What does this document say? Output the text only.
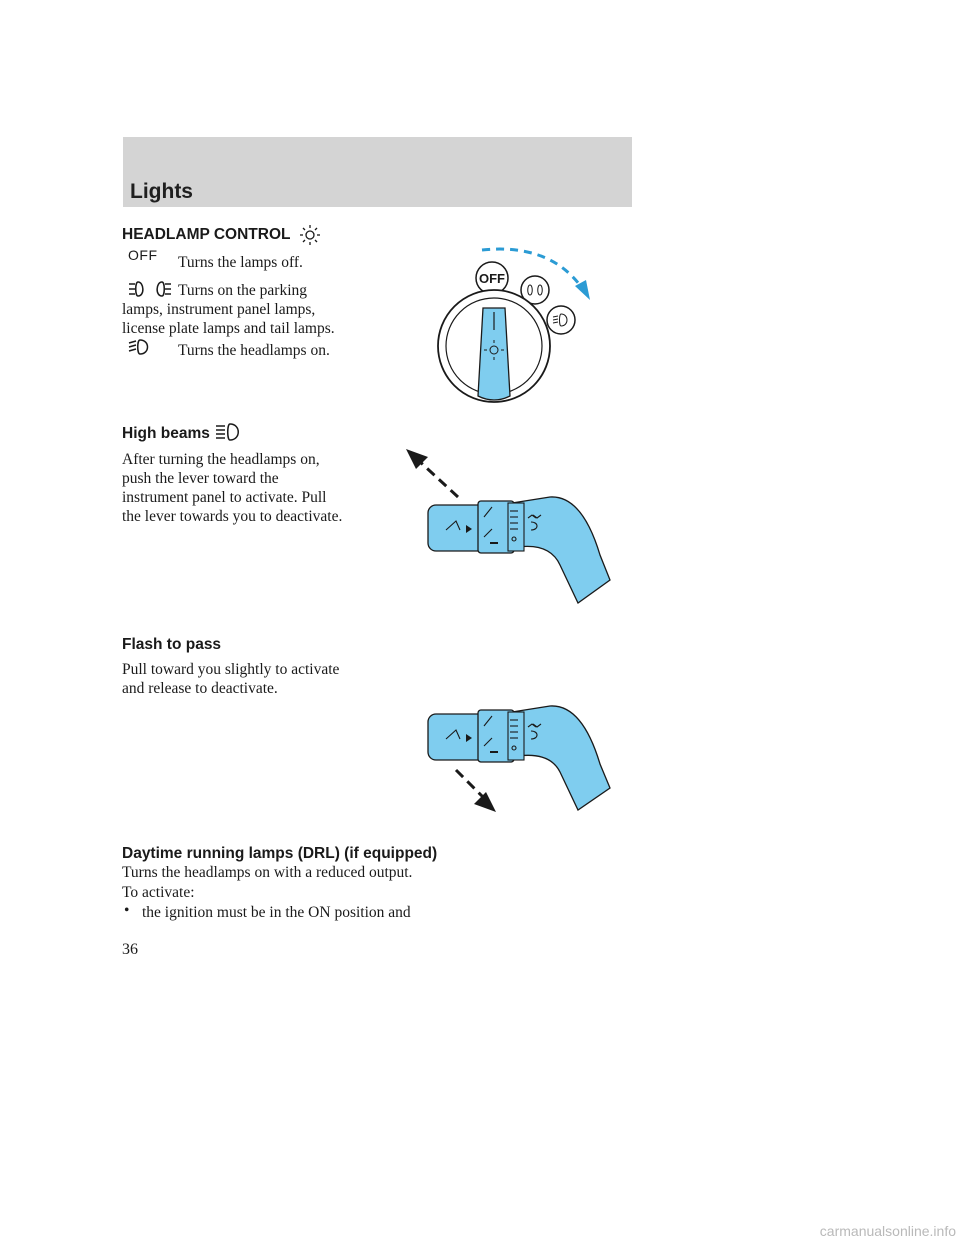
Lights
HEADLAMP CONTROL
OFF Turns the lamps off.
Turns on the parking
lamps, instrument panel lamps,
license plate lamps and tail lamps.
Turns the headlamps on.
OFF
High beams
After turning the headlamps on,
push the lever toward the
instrument panel to activate. Pull
the lever towards you to deactivate.
Flash to pass
Pull toward you slightly to activate
and release to deactivate.
Daytime running lamps (DRL) (if equipped)
Turns the headlamps on with a reduced output.
To activate:
• the ignition must be in the ON position and
36
carmanualsonline.info
